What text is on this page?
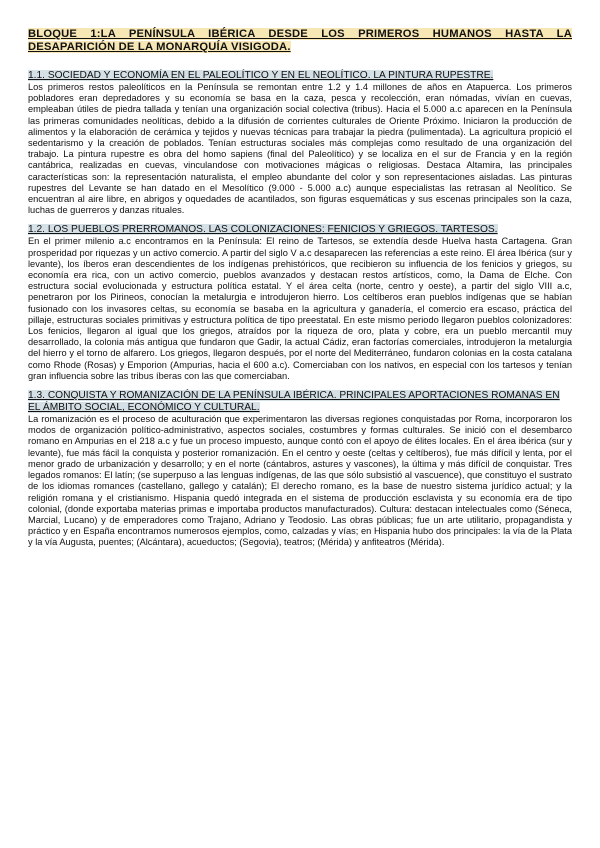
BLOQUE 1:LA PENÍNSULA IBÉRICA DESDE LOS PRIMEROS HUMANOS HASTA LA DESAPARICIÓN DE LA MONARQUÍA VISIGODA.
1.1. SOCIEDAD Y ECONOMÍA EN EL PALEOLÍTICO Y EN EL NEOLÍTICO. LA PINTURA RUPESTRE.

Los primeros restos paleolíticos en la Península se remontan entre 1.2 y 1.4 millones de años en Atapuerca. Los primeros pobladores eran depredadores y su economía se basa en la caza, pesca y recolección, eran nómadas, vivían en cuevas, empleaban útiles de piedra tallada y tenían una organización social colectiva (tribus). Hacia el 5.000 a.c aparecen en la Península las primeras comunidades neolíticas, debido a la difusión de corrientes culturales de Oriente Próximo. Iniciaron la producción de alimentos y la elaboración de cerámica y tejidos y nuevas técnicas para trabajar la piedra (pulimentada). La agricultura propició el sedentarismo y la creación de poblados. Tenían estructuras sociales más complejas como resultado de una organización del trabajo. La pintura rupestre es obra del homo sapiens (final del Paleolítico) y se localiza en el sur de Francia y en la región cantábrica, realizadas en cuevas, vinculandose con motivaciones mágicas o religiosas. Destaca Altamira, las principales características son: la representación naturalista, el empleo abundante del color y son representaciones aisladas. Las pinturas rupestres del Levante se han datado en el Mesolítico (9.000 - 5.000 a.c) aunque especialistas las retrasan al Neolítico. Se encuentran al aire libre, en abrigos y oquedades de acantilados, son figuras esquemáticas y sus escenas principales son la caza, luchas de guerreros y danzas rituales.

1.2. LOS PUEBLOS PRERROMANOS. LAS COLONIZACIONES: FENICIOS Y GRIEGOS. TARTESOS.

En el primer milenio a.c encontramos en la Península: El reino de Tartesos, se extendía desde Huelva hasta Cartagena. Gran prosperidad por riquezas y un activo comercio. A partir del siglo V a.c desaparecen las referencias a este reino. El área Ibérica (sur y levante), los íberos eran descendientes de los indígenas prehistóricos, que recibieron su influencia de los fenicios y griegos, su economía era rica, con un activo comercio, pueblos avanzados y destacan restos artísticos, como, la Dama de Elche. Con estructura social evolucionada y estructura política estatal. Y el área celta (norte, centro y oeste), a partir del siglo VIII a.c, penetraron por los Pirineos, conocían la metalurgia e introdujeron hierro. Los celtíberos eran pueblos indígenas que se habían fusionado con los invasores celtas, su economía se basaba en la agricultura y ganadería, el comercio era escaso, práctica del pillaje, estructuras sociales primitivas y estructura política de tipo preestatal. En este mismo periodo llegaron pueblos colonizadores: Los fenicios, llegaron al igual que los griegos, atraídos por la riqueza de oro, plata y cobre, era un pueblo mercantil muy desarrollado, la colonia más antigua que fundaron que Gadir, la actual Cádiz, eran factorías comerciales, introdujeron la metalurgia del hierro y el torno de alfarero. Los griegos, llegaron después, por el norte del Mediterráneo, fundaron colonias en la costa catalana como Rhode (Rosas) y Emporion (Ampurias, hacia el 600 a.c). Comerciaban con los nativos, en especial con los tartesos y tenían gran influencia sobre las tribus íberas con las que comerciaban.

1.3. CONQUISTA Y ROMANIZACIÓN DE LA PENÍNSULA IBÉRICA. PRINCIPALES APORTACIONES ROMANAS EN EL ÁMBITO SOCIAL, ECONÓMICO Y CULTURAL.

La romanización es el proceso de aculturación que experimentaron las diversas regiones conquistadas por Roma, incorporaron los modos de organización político-administrativo, aspectos sociales, costumbres y formas culturales. Se inició con el desembarco romano en Ampurias en el 218 a.c y fue un proceso impuesto, aunque contó con el apoyo de élites locales. En el área ibérica (sur y levante), fue más fácil la conquista y posterior romanización. En el centro y oeste (celtas y celtíberos), fue más difícil y lenta, por el menor grado de urbanización y desarrollo; y en el norte (cántabros, astures y vascones), la última y más difícil de conquistar. Tres legados romanos: El latín; (se superpuso a las lenguas indígenas, de las que sólo subsistió al vascuence), que constituyo el sustrato de los idiomas romances (castellano, gallego y catalán); El derecho romano, es la base de nuestro sistema jurídico actual; y la religión romana y el cristianismo. Hispania quedó integrada en el sistema de producción esclavista y su economía era de tipo colonial, (donde exportaba materias primas e importaba productos manufacturados). Cultura: destacan intelectuales como (Séneca, Marcial, Lucano) y de emperadores como Trajano, Adriano y Teodosio. Las obras públicas; fue un arte utilitario, propagandista y práctico y en España encontramos numerosos ejemplos, como, calzadas y vías; en Hispania hubo dos principales: la vía de la Plata y la vía Augusta, puentes; (Alcántara), acueductos; (Segovia), teatros; (Mérida) y anfiteatros (Mérida).
